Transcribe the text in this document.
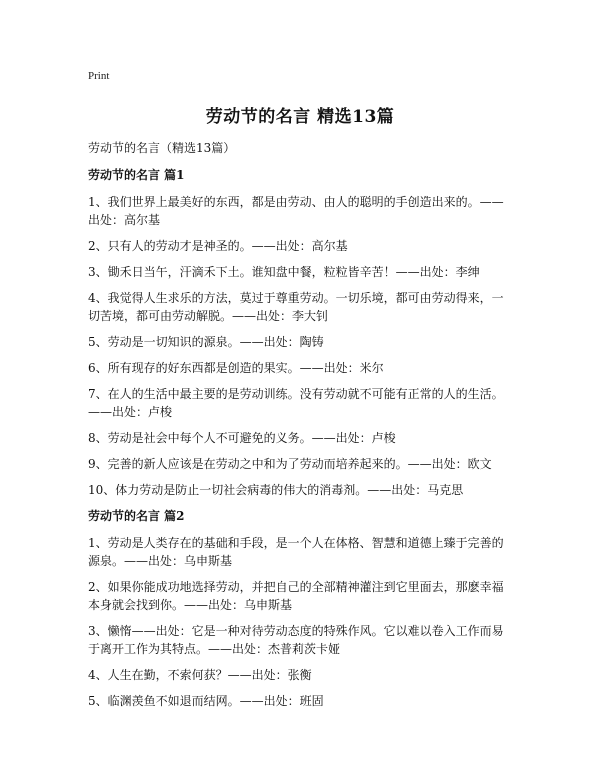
Print
劳动节的名言 精选13篇
劳动节的名言（精选13篇）
劳动节的名言 篇1

1、我们世界上最美好的东西，都是由劳动、由人的聪明的手创造出来的。——出处：高尔基

2、只有人的劳动才是神圣的。——出处：高尔基

3、锄禾日当午，汗滴禾下土。谁知盘中餐，粒粒皆辛苦！——出处：李绅

4、我觉得人生求乐的方法，莫过于尊重劳动。一切乐境，都可由劳动得来，一切苦境，都可由劳动解脱。——出处：李大钊

5、劳动是一切知识的源泉。——出处：陶铸

6、所有现存的好东西都是创造的果实。——出处：米尔

7、在人的生活中最主要的是劳动训练。没有劳动就不可能有正常的人的生活。——出处：卢梭

8、劳动是社会中每个人不可避免的义务。——出处：卢梭

9、完善的新人应该是在劳动之中和为了劳动而培养起来的。——出处：欧文

10、体力劳动是防止一切社会病毒的伟大的消毒剂。——出处：马克思

劳动节的名言 篇2

1、劳动是人类存在的基础和手段，是一个人在体格、智慧和道德上臻于完善的源泉。——出处：乌申斯基

2、如果你能成功地选择劳动，并把自己的全部精神灌注到它里面去，那麽幸福本身就会找到你。——出处：乌申斯基

3、懒惰——出处：它是一种对待劳动态度的特殊作风。它以难以卷入工作而易于离开工作为其特点。——出处：杰普莉茨卡娅

4、人生在勤，不索何获？——出处：张衡

5、临渊羡鱼不如退而结网。——出处：班固
